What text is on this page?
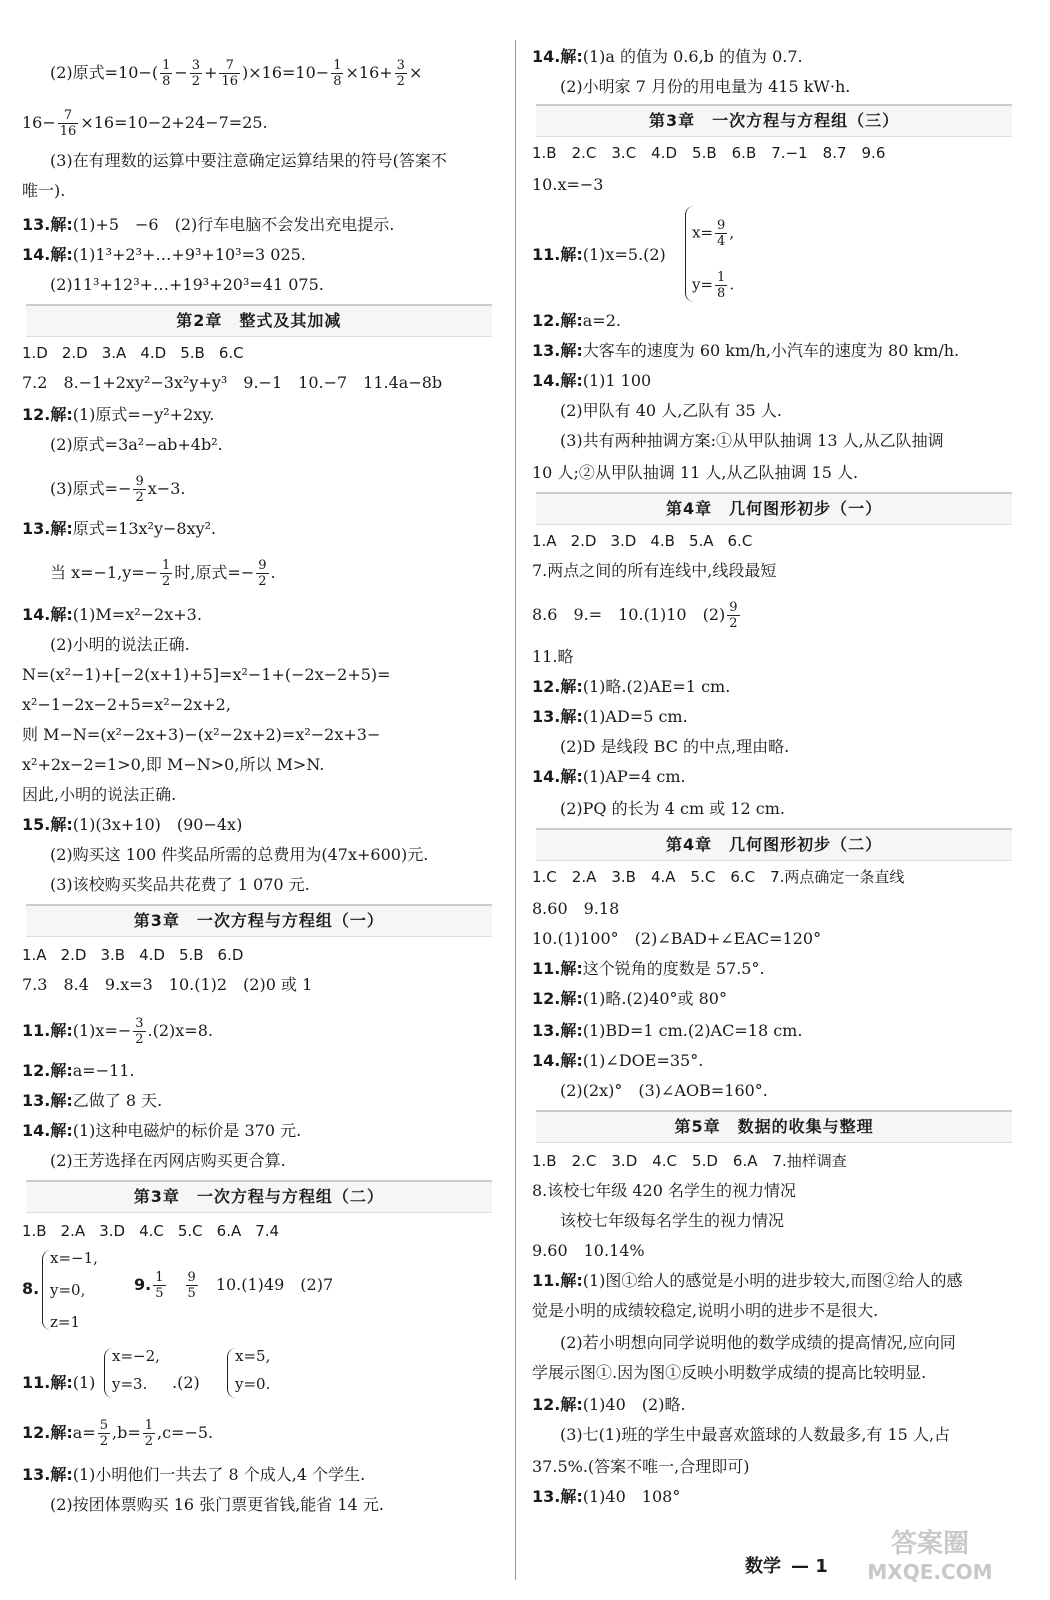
(2)原式$=10-( \frac{1}{8} - \frac{3}{2} + \frac{7}{16} )\times 16=10- \frac{1}{8} \times 16+ \frac{3}{2}$ ×
$16- \frac{7}{16} \times 16=10-2+24-7=25$.
(3)在有理数的运算中要注意确定运算结果的符号(答案不
唯一).
13.解:(1)+5　−6　(2)行车电脑不会发出充电提示.
14.解:(1)1³+2³+…+9³+10³=3 025.
(2)11³+12³+…+19³+20³=41 075.
第2章　整式及其加减
1.D 2.D 3.A 4.D 5.B 6.C
7.2　8.−1+2xy²−3x²y+y³　9.−1　10.−7　11.4a−8b
12.解:(1)原式=−y²+2xy.
(2)原式=3a²−ab+4b².
(3)原式=− $\frac{9}{2} x-3$.
13.解:原式=13x²y−8xy².
当 $x=-1,y=- \frac{1}{2}$ 时,原式=− $\frac{9}{2}$ .
14.解:(1)M=x²−2x+3.
(2)小明的说法正确.
N=(x²−1)+[−2(x+1)+5]=x²−1+(−2x−2+5)=
x²−1−2x−2+5=x²−2x+2,
则 M−N=(x²−2x+3)−(x²−2x+2)=x²−2x+3−
x²+2x−2=1>0,即 M−N>0,所以 M>N.
因此,小明的说法正确.
15.解:(1)(3x+10)　(90−4x)
(2)购买这 100 件奖品所需的总费用为(47x+600)元.
(3)该校购买奖品共花费了 1 070 元.
第3章　一次方程与方程组（一）
1.A 2.D 3.B 4.D 5.B 6.D
7.3　8.4　9.x=3　10.(1)2　(2)0 或 1
11.解:(1)x=− $\frac{3}{2} .(2)x=8$.
12.解:a=−11.
13.解:乙做了 8 天.
14.解:(1)这种电磁炉的标价是 370 元.
(2)王芳选择在丙网店购买更合算.
第3章　一次方程与方程组（二）
1.B 2.A 3.D 4.C 5.C 6.A 7.4
8.
x=−1,
y=0,
z=1
9. $\frac{1}{5}$
　 $\frac{9}{5}$
　 10.(1)49　(2)7
11.解:(1)
x=−2,
y=3. .(2)
x=5,
y=0.
12.解:a= $\frac{5}{2} ,b= \frac{1}{2} ,c=-5$.
13.解:(1)小明他们一共去了 8 个成人,4 个学生.
(2)按团体票购买 16 张门票更省钱,能省 14 元.
14.解:(1)a 的值为 0.6,b 的值为 0.7.
(2)小明家 7 月份的用电量为 415 kW·h.
第3章　一次方程与方程组（三）
1.B　2.C　3.C　4.D　5.B　6.B　7.−1　8.7　9.6
10.x=−3
11.解:(1)x=5.(2)
$x= \frac{9}{4}$ ,
$y= \frac{1}{8}$ .
12.解:a=2.
13.解:大客车的速度为 60 km/h,小汽车的速度为 80 km/h.
14.解:(1)1 100
(2)甲队有 40 人,乙队有 35 人.
(3)共有两种抽调方案:①从甲队抽调 13 人,从乙队抽调
10 人;②从甲队抽调 11 人,从乙队抽调 15 人.
第4章　几何图形初步（一）
1.A 2.D 3.D 4.B 5.A 6.C
7.两点之间的所有连线中,线段最短
8.6　9.=　10.(1)10　$(2) \frac{9}{2}$
11.略
12.解:(1)略.(2)AE=1 cm.
13.解:(1)AD=5 cm.
(2)D 是线段 BC 的中点,理由略.
14.解:(1)AP=4 cm.
(2)PQ 的长为 4 cm 或 12 cm.
第4章　几何图形初步（二）
1.C　2.A　3.B　4.A　5.C　6.C　7.两点确定一条直线
8.60　9.18
10.(1)100°　(2)∠BAD+∠EAC=120°
11.解:这个锐角的度数是 57.5°.
12.解:(1)略.(2)40°或 80°
13.解:(1)BD=1 cm.(2)AC=18 cm.
14.解:(1)∠DOE=35°.
(2)(2x)°　(3)∠AOB=160°.
第5章　数据的收集与整理
1.B　2.C　3.D　4.C　5.D　6.A　7.抽样调查
8.该校七年级 420 名学生的视力情况
该校七年级每名学生的视力情况
9.60　10.14%
11.解:(1)图①给人的感觉是小明的进步较大,而图②给人的感
觉是小明的成绩较稳定,说明小明的进步不是很大.
(2)若小明想向同学说明他的数学成绩的提高情况,应向同
学展示图①.因为图①反映小明数学成绩的提高比较明显.
12.解:(1)40　(2)略.
(3)七(1)班的学生中最喜欢篮球的人数最多,有 15 人,占
37.5%.(答案不唯一,合理即可)
13.解:(1)40　108°
数学 — 1
答案圈
MXQE.COM
